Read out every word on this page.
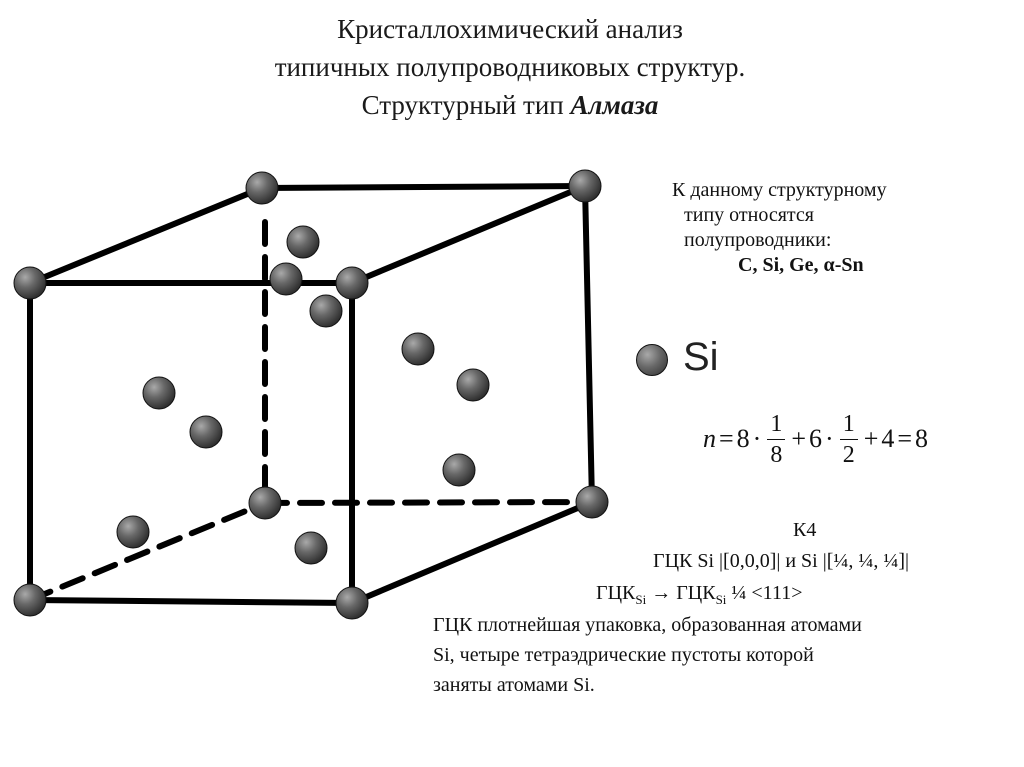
Кристаллохимический анализ
типичных полупроводниковых структур.
Структурный тип Алмаза
К данному структурному
типу относятся
полупроводники:
C, Si, Ge, α-Sn
Si
$n = 8 \cdot \frac{1}{8} + 6 \cdot \frac{1}{2} + 4 = 8$
К4
ГЦК Si |[0,0,0]| и Si |[¼, ¼, ¼]|
$ГЦК_{Si} \to ГЦК_{Si}$ ¼ <111>
ГЦК плотнейшая упаковка, образованная атомами
Si, четыре тетраэдрические пустоты которой
заняты атомами Si.
